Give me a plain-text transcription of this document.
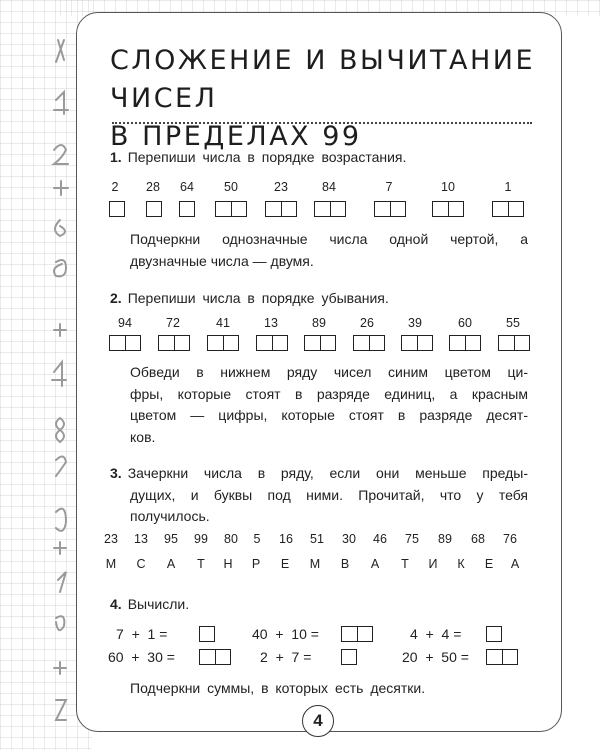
СЛОЖЕНИЕ И ВЫЧИТАНИЕ ЧИСЕЛ
В ПРЕДЕЛАХ 99
1. Перепиши числа в порядке возрастания.
2	28	64	50	23	84	7	10	1
Подчеркни однозначные числа одной чертой, а
двузначные числа — двумя.
2. Перепиши числа в порядке убывания.
94	72	41	13	89	26	39	60	55
Обведи в нижнем ряду чисел синим цветом ци-
фры, которые стоят в разряде единиц, а красным
цветом — цифры, которые стоят в разряде десят-
ков.
3. Зачеркни числа в ряду, если они меньше преды-
дущих, и буквы под ними. Прочитай, что у тебя
получилось.
23	13	95	99	80	5	16	51	30	46	75	89	68	76
М	С	А	Т	Н	Р	Е	М	В	А	Т	И	К	Е	А
4. Вычисли.
7  +  1 =	40  +  10 =	4  +  4 =
60  +  30 =	2  +  7 =	20  +  50 =
Подчеркни суммы, в которых есть десятки.
4
